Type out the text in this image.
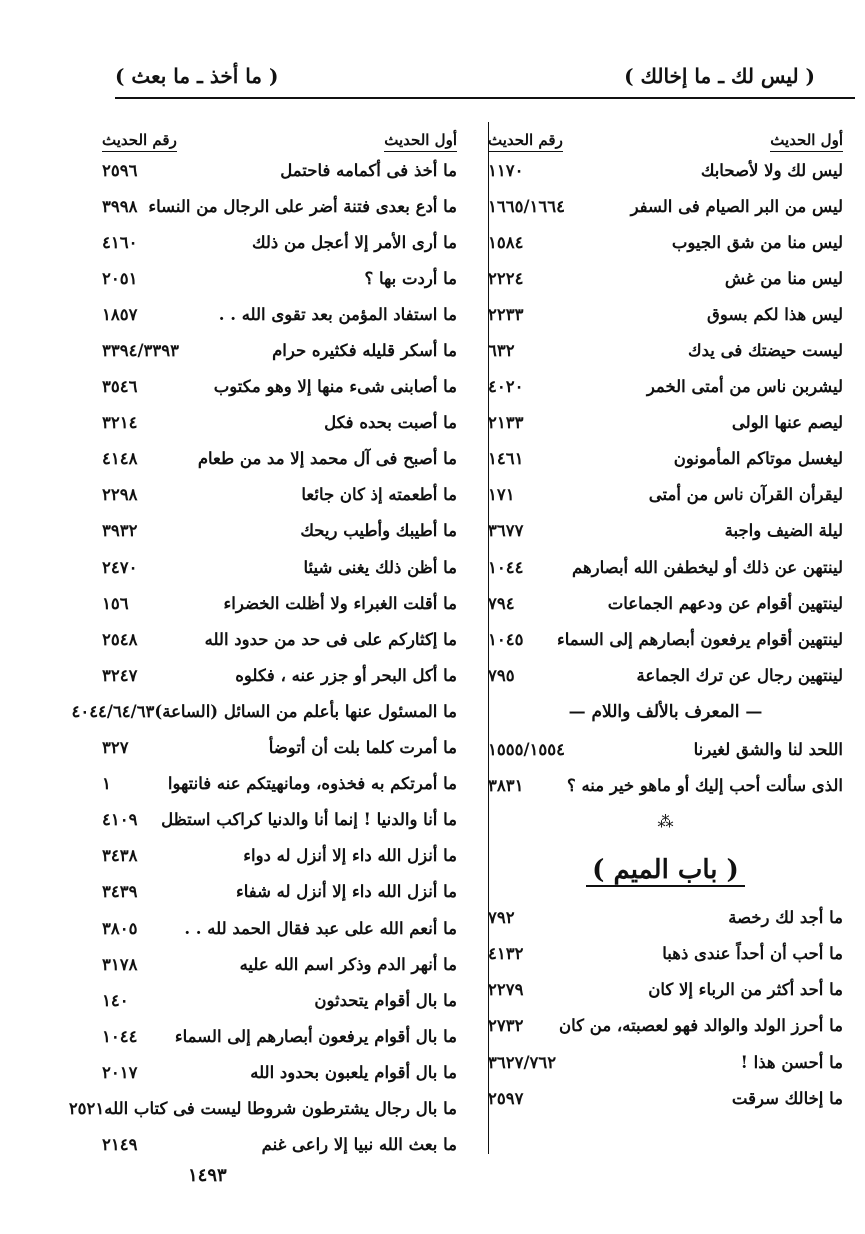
( ليس لك ـ ما إخالك )
( ما أخذ ـ ما بعث )
أول الحديث
رقم الحديث
ليس لك ولا لأصحابك
١١٧٠
ليس من البر الصيام فى السفر
١٦٦٥/١٦٦٤
ليس منا من شق الجيوب
١٥٨٤
ليس منا من غش
٢٢٢٤
ليس هذا لكم بسوق
٢٢٣٣
ليست حيضتك فى يدك
٦٣٢
ليشربن ناس من أمتى الخمر
٤٠٢٠
ليصم عنها الولى
٢١٣٣
ليغسل موتاكم المأمونون
١٤٦١
ليقرأن القرآن ناس من أمتى
١٧١
ليلة الضيف واجبة
٣٦٧٧
لينتهن عن ذلك أو ليخطفن الله أبصارهم
١٠٤٤
لينتهين أقوام عن ودعهم الجماعات
٧٩٤
لينتهين أقوام يرفعون أبصارهم إلى السماء
١٠٤٥
لينتهين رجال عن ترك الجماعة
٧٩٥
— المعرف بالألف واللام —
اللحد لنا والشق لغيرنا
١٥٥٥/١٥٥٤
الذى سألت أحب إليك أو ماهو خير منه ؟
٣٨٣١
⁂
( باب الميم )
ما أجد لك رخصة
٧٩٢
ما أحب أن أحداً عندى ذهبا
٤١٣٢
ما أحد أكثر من الرباء إلا كان
٢٢٧٩
ما أحرز الولد والوالد فهو لعصبته، من كان
٢٧٣٢
ما أحسن هذا !
٣٦٢٧/٧٦٢
ما إخالك سرقت
٢٥٩٧
أول الحديث
رقم الحديث
ما أخذ فى أكمامه فاحتمل
٢٥٩٦
ما أدع بعدى فتنة أضر على الرجال من النساء
٣٩٩٨
ما أرى الأمر إلا أعجل من ذلك
٤١٦٠
ما أردت بها ؟
٢٠٥١
ما استفاد المؤمن بعد تقوى الله . .
١٨٥٧
ما أسكر قليله فكثيره حرام
٣٣٩٤/٣٣٩٣
ما أصابنى شىء منها إلا وهو مكتوب
٣٥٤٦
ما أصبت بحده فكل
٣٢١٤
ما أصبح فى آل محمد إلا مد من طعام
٤١٤٨
ما أطعمته إذ كان جائعا
٢٢٩٨
ما أطيبك وأطيب ريحك
٣٩٣٢
ما أظن ذلك يغنى شيئا
٢٤٧٠
ما أقلت الغبراء ولا أظلت الخضراء
١٥٦
ما إكثاركم على فى حد من حدود الله
٢٥٤٨
ما أكل البحر أو جزر عنه ، فكلوه
٣٢٤٧
ما المسئول عنها بأعلم من السائل (الساعة)
٤٠٤٤/٦٤/٦٣
ما أمرت كلما بلت أن أتوضأ
٣٢٧
ما أمرتكم به فخذوه، ومانهيتكم عنه فانتهوا
١
ما أنا والدنيا ! إنما أنا والدنيا كراكب استظل
٤١٠٩
ما أنزل الله داء إلا أنزل له دواء
٣٤٣٨
ما أنزل الله داء إلا أنزل له شفاء
٣٤٣٩
ما أنعم الله على عبد فقال الحمد لله . .
٣٨٠٥
ما أنهر الدم وذكر اسم الله عليه
٣١٧٨
ما بال أقوام يتحدثون
١٤٠
ما بال أقوام يرفعون أبصارهم إلى السماء
١٠٤٤
ما بال أقوام يلعبون بحدود الله
٢٠١٧
ما بال رجال يشترطون شروطا ليست فى كتاب الله
٢٥٢١
ما بعث الله نبيا إلا راعى غنم
٢١٤٩
١٤٩٣
